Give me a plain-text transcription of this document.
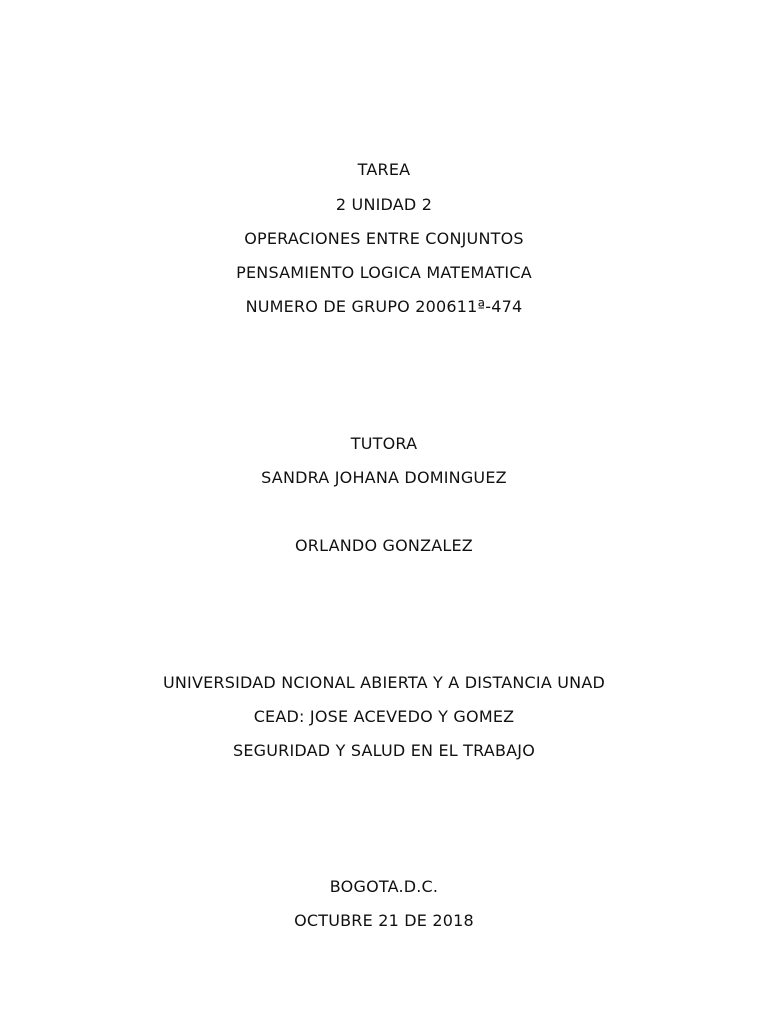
TAREA
2 UNIDAD 2
OPERACIONES ENTRE CONJUNTOS
PENSAMIENTO LOGICA MATEMATICA
NUMERO DE GRUPO 200611ª-474
TUTORA
SANDRA JOHANA DOMINGUEZ
ORLANDO GONZALEZ
UNIVERSIDAD NCIONAL ABIERTA Y A DISTANCIA UNAD
CEAD: JOSE ACEVEDO Y GOMEZ
SEGURIDAD Y SALUD EN EL TRABAJO
BOGOTA.D.C.
OCTUBRE 21 DE 2018
